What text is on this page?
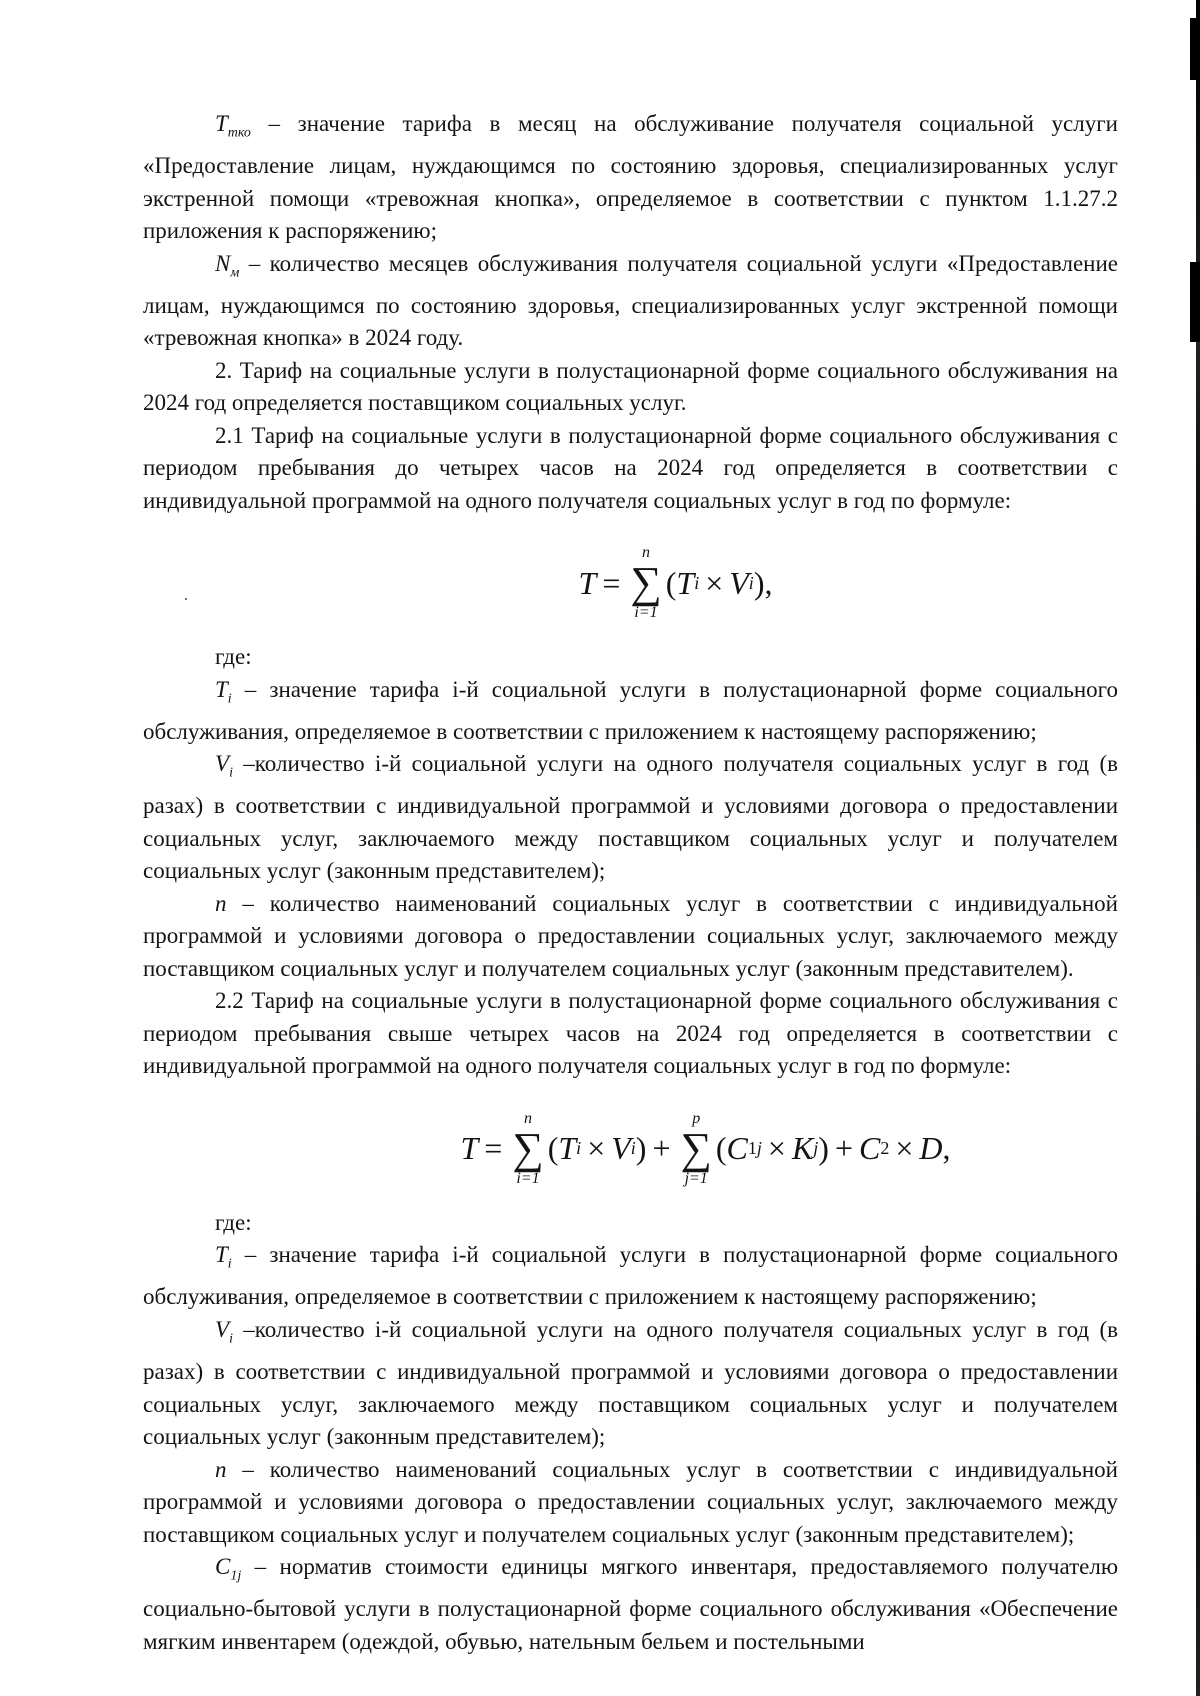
$T_{тко}$ – значение тарифа в месяц на обслуживание получателя социальной услуги «Предоставление лицам, нуждающимся по состоянию здоровья, специализированных услуг экстренной помощи «тревожная кнопка», определяемое в соответствии с пунктом 1.1.27.2 приложения к распоряжению;

$N_м$ – количество месяцев обслуживания получателя социальной услуги «Предоставление лицам, нуждающимся по состоянию здоровья, специализированных услуг экстренной помощи «тревожная кнопка» в 2024 году.

2. Тариф на социальные услуги в полустационарной форме социального обслуживания на 2024 год определяется поставщиком социальных услуг.

2.1 Тариф на социальные услуги в полустационарной форме социального обслуживания с периодом пребывания до четырех часов на 2024 год определяется в соответствии с индивидуальной программой на одного получателя социальных услуг в год по формуле:

T =
n
∑
i=1
( T i × V i ),

где:

$T_i$ – значение тарифа i-й социальной услуги в полустационарной форме социального обслуживания, определяемое в соответствии с приложением к настоящему распоряжению;

$V_i$ –количество i-й социальной услуги на одного получателя социальных услуг в год (в разах) в соответствии с индивидуальной программой и условиями договора о предоставлении социальных услуг, заключаемого между поставщиком социальных услуг и получателем социальных услуг (законным представителем);

n – количество наименований социальных услуг в соответствии с индивидуальной программой и условиями договора о предоставлении социальных услуг, заключаемого между поставщиком социальных услуг и получателем социальных услуг (законным представителем).

2.2 Тариф на социальные услуги в полустационарной форме социального обслуживания с периодом пребывания свыше четырех часов на 2024 год определяется в соответствии с индивидуальной программой на одного получателя социальных услуг в год по формуле:

T =
n
∑
i=1
( T i × V i ) +
p
∑
j=1
( C 1 j × K j ) + C 2 × D ,

где:

$T_i$ – значение тарифа i-й социальной услуги в полустационарной форме социального обслуживания, определяемое в соответствии с приложением к настоящему распоряжению;

$V_i$ –количество i-й социальной услуги на одного получателя социальных услуг в год (в разах) в соответствии с индивидуальной программой и условиями договора о предоставлении социальных услуг, заключаемого между поставщиком социальных услуг и получателем социальных услуг (законным представителем);

n – количество наименований социальных услуг в соответствии с индивидуальной программой и условиями договора о предоставлении социальных услуг, заключаемого между поставщиком социальных услуг и получателем социальных услуг (законным представителем);

$C_{1j}$ – норматив стоимости единицы мягкого инвентаря, предоставляемого получателю социально-бытовой услуги в полустационарной форме социального обслуживания «Обеспечение мягким инвентарем (одеждой, обувью, нательным бельем и постельными
